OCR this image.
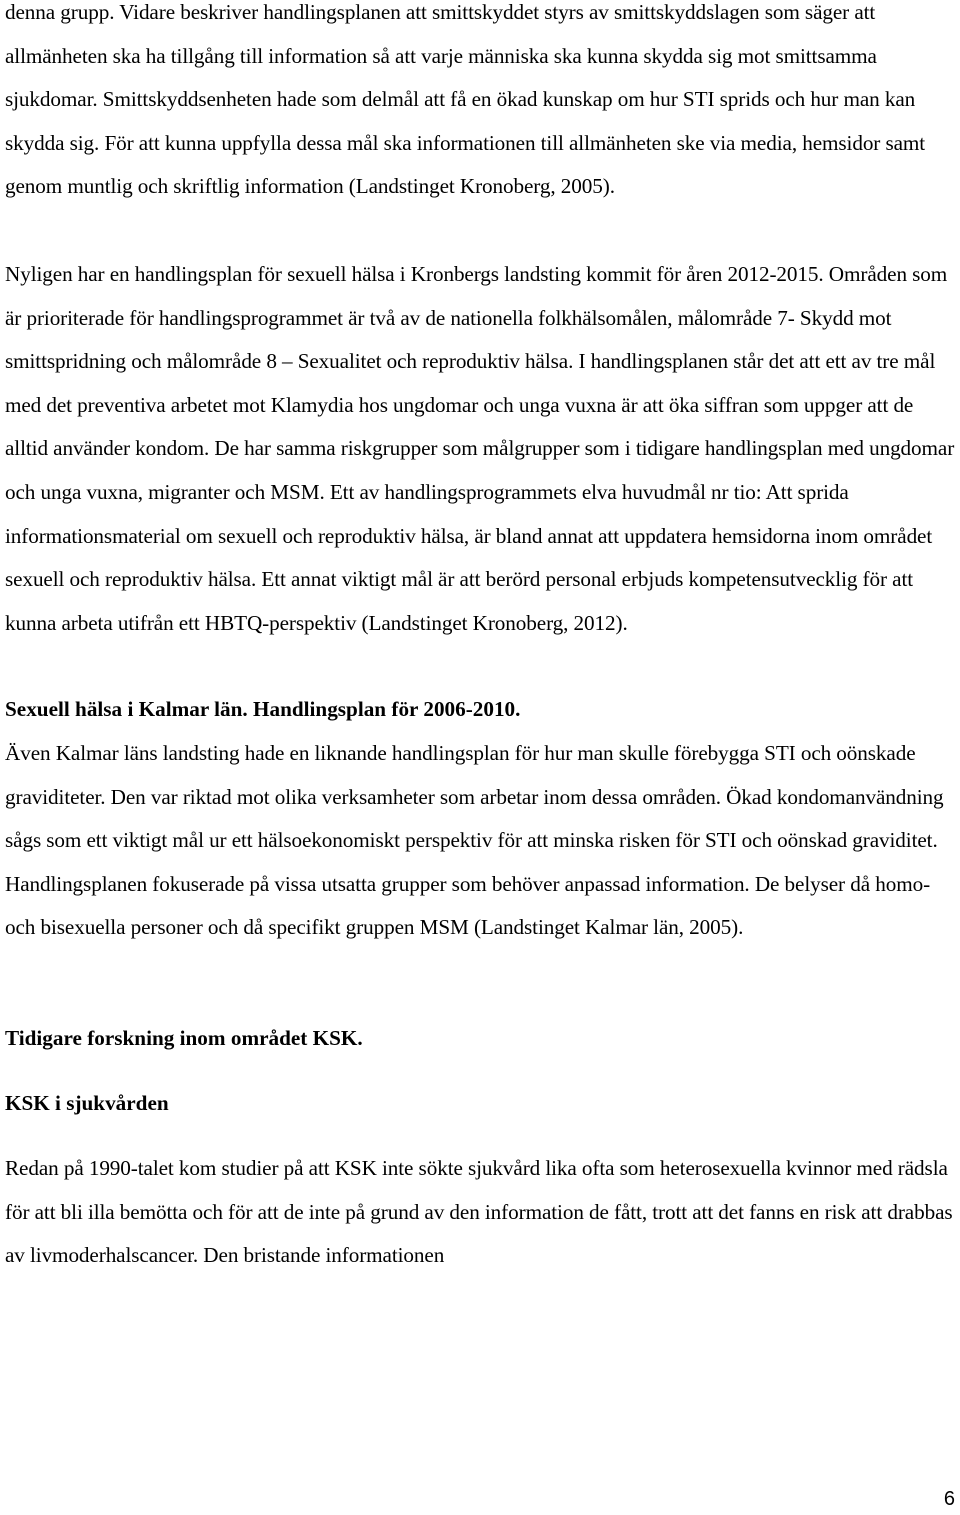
denna grupp. Vidare beskriver handlingsplanen att smittskyddet styrs av smittskyddslagen som säger att allmänheten ska ha tillgång till information så att varje människa ska kunna skydda sig mot smittsamma sjukdomar. Smittskyddsenheten hade som delmål att få en ökad kunskap om hur STI sprids och hur man kan skydda sig. För att kunna uppfylla dessa mål ska informationen till allmänheten ske via media, hemsidor samt genom muntlig och skriftlig information (Landstinget Kronoberg, 2005).

Nyligen har en handlingsplan för sexuell hälsa i Kronbergs landsting kommit för åren 2012-2015. Områden som är prioriterade för handlingsprogrammet är två av de nationella folkhälsomålen, målområde 7- Skydd mot smittspridning och målområde 8 – Sexualitet och reproduktiv hälsa. I handlingsplanen står det att ett av tre mål med det preventiva arbetet mot Klamydia hos ungdomar och unga vuxna är att öka siffran som uppger att de alltid använder kondom. De har samma riskgrupper som målgrupper som i tidigare handlingsplan med ungdomar och unga vuxna, migranter och MSM. Ett av handlingsprogrammets elva huvudmål nr tio: Att sprida informationsmaterial om sexuell och reproduktiv hälsa, är bland annat att uppdatera hemsidorna inom området sexuell och reproduktiv hälsa. Ett annat viktigt mål är att berörd personal erbjuds kompetensutvecklig för att kunna arbeta utifrån ett HBTQ-perspektiv (Landstinget Kronoberg, 2012).

Sexuell hälsa i Kalmar län. Handlingsplan för 2006-2010.

Även Kalmar läns landsting hade en liknande handlingsplan för hur man skulle förebygga STI och oönskade graviditeter. Den var riktad mot olika verksamheter som arbetar inom dessa områden. Ökad kondomanvändning sågs som ett viktigt mål ur ett hälsoekonomiskt perspektiv för att minska risken för STI och oönskad graviditet. Handlingsplanen fokuserade på vissa utsatta grupper som behöver anpassad information. De belyser då homo- och bisexuella personer och då specifikt gruppen MSM (Landstinget Kalmar län, 2005).

Tidigare forskning inom området KSK.
KSK i sjukvården

Redan på 1990-talet kom studier på att KSK inte sökte sjukvård lika ofta som heterosexuella kvinnor med rädsla för att bli illa bemötta och för att de inte på grund av den information de fått, trott att det fanns en risk att drabbas av livmoderhalscancer. Den bristande informationen

6
